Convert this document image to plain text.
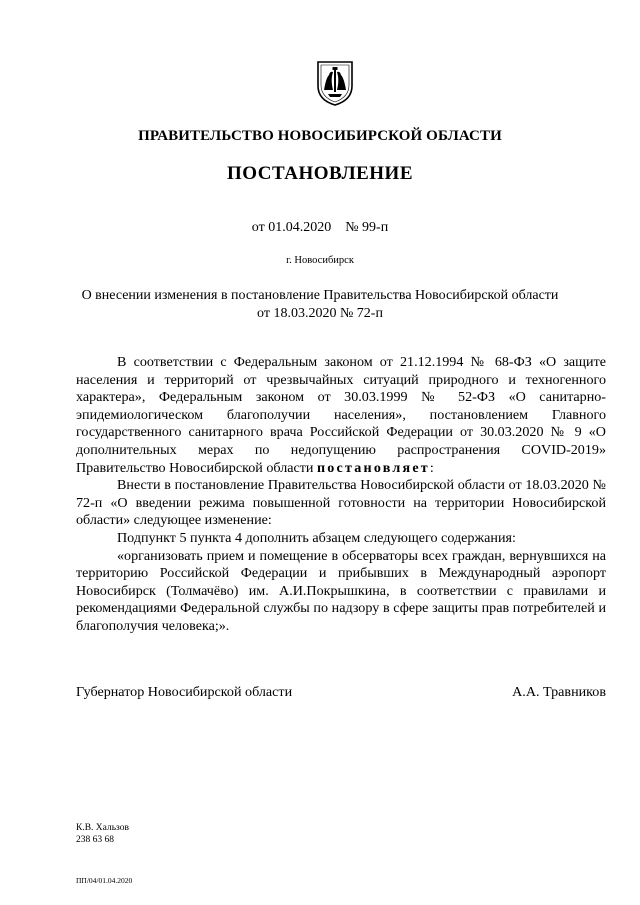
ПРАВИТЕЛЬСТВО НОВОСИБИРСКОЙ ОБЛАСТИ
ПОСТАНОВЛЕНИЕ
от 01.04.2020 № 99-п
г. Новосибирск
О внесении изменения в постановление Правительства Новосибирской области
от 18.03.2020 № 72-п

В соответствии с Федеральным законом от 21.12.1994 № 68-ФЗ «О защите населения и территорий от чрезвычайных ситуаций природного и техногенного характера», Федеральным законом от 30.03.1999 № 52-ФЗ «О санитарно-эпидемиологическом благополучии населения», постановлением Главного государственного санитарного врача Российской Федерации от 30.03.2020 № 9 «О дополнительных мерах по недопущению распространения COVID-2019» Правительство Новосибирской области постановляет:

Внести в постановление Правительства Новосибирской области от 18.03.2020 № 72-п «О введении режима повышенной готовности на территории Новосибирской области» следующее изменение:

Подпункт 5 пункта 4 дополнить абзацем следующего содержания:

«организовать прием и помещение в обсерваторы всех граждан, вернувшихся на территорию Российской Федерации и прибывших в Международный аэропорт Новосибирск (Толмачёво) им. А.И.Покрышкина, в соответствии с правилами и рекомендациями Федеральной службы по надзору в сфере защиты прав потребителей и благополучия человека;».

Губернатор Новосибирской области	А.А. Травников
К.В. Хальзов
238 63 68
ПП/04/01.04.2020
